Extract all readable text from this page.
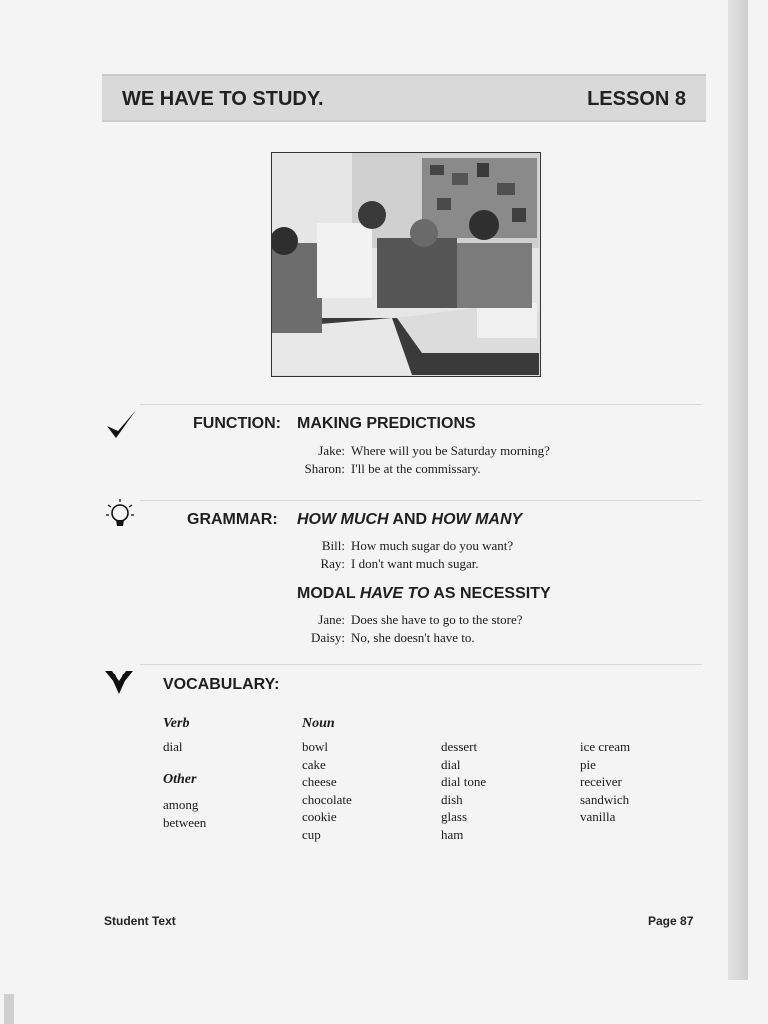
WE HAVE TO STUDY.	LESSON 8
FUNCTION: MAKING PREDICTIONS
Jake: Where will you be Saturday morning?
Sharon: I'll be at the commissary.
GRAMMAR: HOW MUCH AND HOW MANY
Bill: How much sugar do you want?
Ray: I don't want much sugar.
MODAL HAVE TO AS NECESSITY
Jane: Does she have to go to the store?
Daisy: No, she doesn't have to.
VOCABULARY:
Verb
dial
Other
among
between
Noun
bowl
cake
cheese
chocolate
cookie
cup
dessert
dial
dial tone
dish
glass
ham
ice cream
pie
receiver
sandwich
vanilla
Student Text	Page 87
